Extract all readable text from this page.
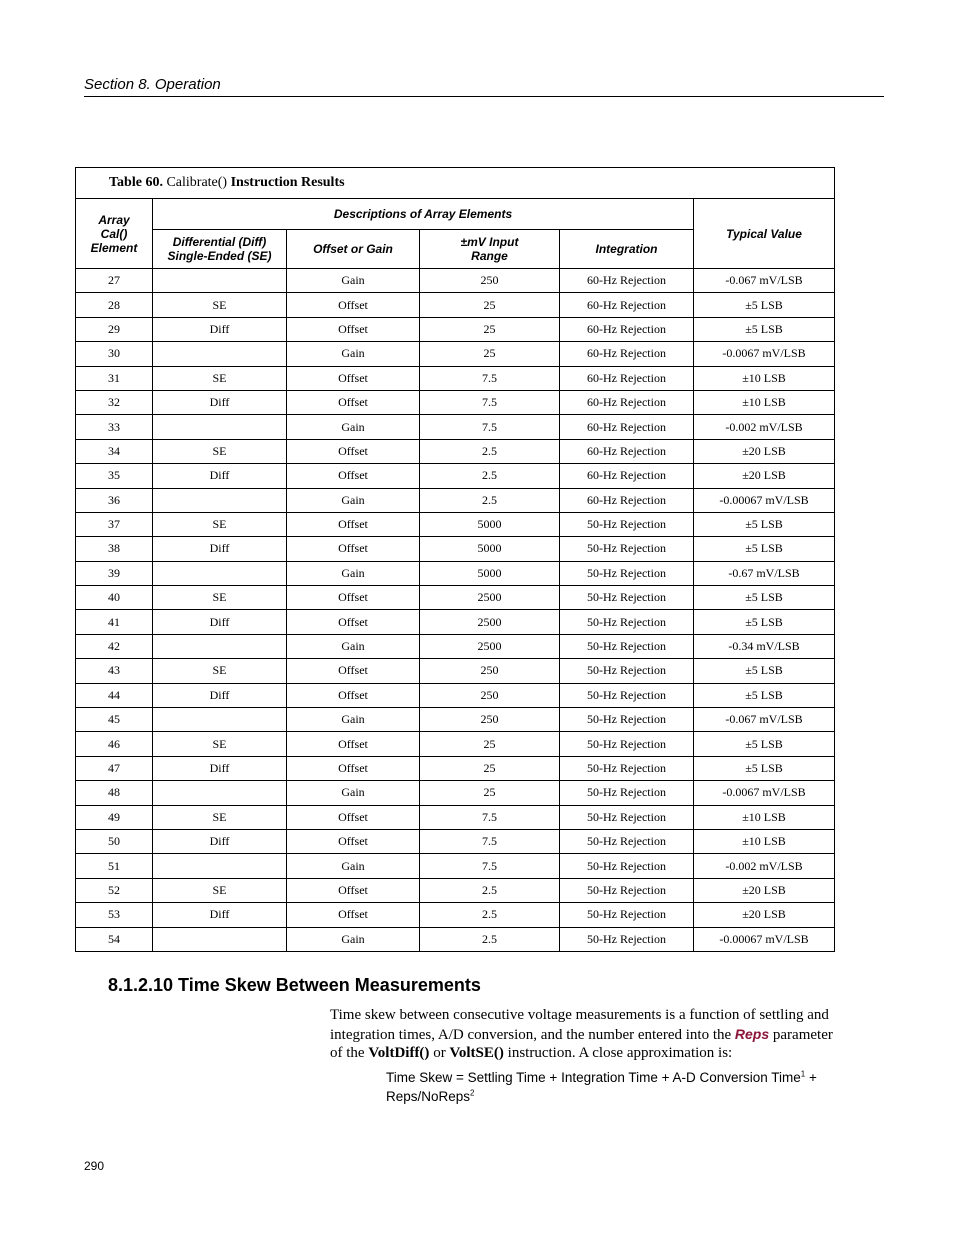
Section 8. Operation
Table 60. Calibrate() Instruction Results					
Array Cal() Element	Descriptions of Array Elements				Typical Value
	Differential (Diff) Single-Ended (SE)	Offset or Gain	±mV Input Range	Integration	
27		Gain	250	60-Hz Rejection	-0.067 mV/LSB
28	SE	Offset	25	60-Hz Rejection	±5 LSB
29	Diff	Offset	25	60-Hz Rejection	±5 LSB
30		Gain	25	60-Hz Rejection	-0.0067 mV/LSB
31	SE	Offset	7.5	60-Hz Rejection	±10 LSB
32	Diff	Offset	7.5	60-Hz Rejection	±10 LSB
33		Gain	7.5	60-Hz Rejection	-0.002 mV/LSB
34	SE	Offset	2.5	60-Hz Rejection	±20 LSB
35	Diff	Offset	2.5	60-Hz Rejection	±20 LSB
36		Gain	2.5	60-Hz Rejection	-0.00067 mV/LSB
37	SE	Offset	5000	50-Hz Rejection	±5 LSB
38	Diff	Offset	5000	50-Hz Rejection	±5 LSB
39		Gain	5000	50-Hz Rejection	-0.67 mV/LSB
40	SE	Offset	2500	50-Hz Rejection	±5 LSB
41	Diff	Offset	2500	50-Hz Rejection	±5 LSB
42		Gain	2500	50-Hz Rejection	-0.34 mV/LSB
43	SE	Offset	250	50-Hz Rejection	±5 LSB
44	Diff	Offset	250	50-Hz Rejection	±5 LSB
45		Gain	250	50-Hz Rejection	-0.067 mV/LSB
46	SE	Offset	25	50-Hz Rejection	±5 LSB
47	Diff	Offset	25	50-Hz Rejection	±5 LSB
48		Gain	25	50-Hz Rejection	-0.0067 mV/LSB
49	SE	Offset	7.5	50-Hz Rejection	±10 LSB
50	Diff	Offset	7.5	50-Hz Rejection	±10 LSB
51		Gain	7.5	50-Hz Rejection	-0.002 mV/LSB
52	SE	Offset	2.5	50-Hz Rejection	±20 LSB
53	Diff	Offset	2.5	50-Hz Rejection	±20 LSB
54		Gain	2.5	50-Hz Rejection	-0.00067 mV/LSB
8.1.2.10 Time Skew Between Measurements
Time skew between consecutive voltage measurements is a function of settling and integration times, A/D conversion, and the number entered into the Reps parameter of the VoltDiff() or VoltSE() instruction. A close approximation is:
Time Skew = Settling Time + Integration Time + A-D Conversion Time$^1$ +
Reps/NoReps$^2$
290
